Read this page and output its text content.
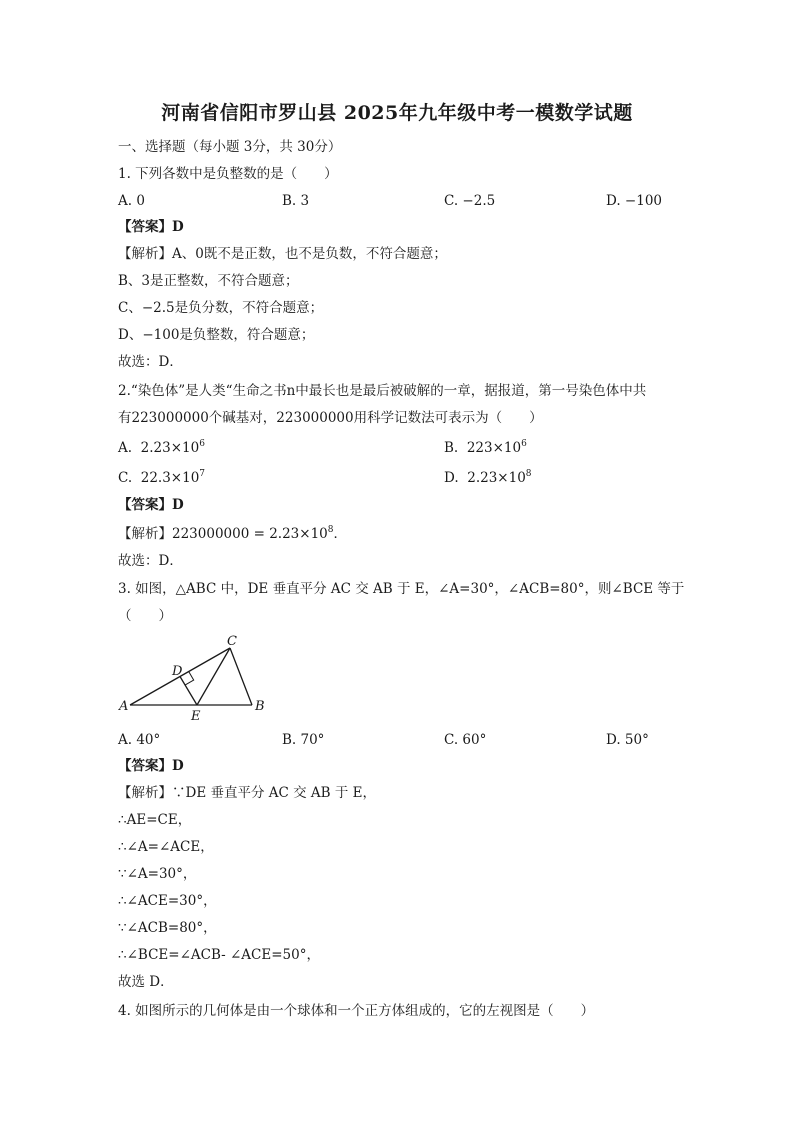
河南省信阳市罗山县 2025年九年级中考一模数学试题
一、选择题（每小题 3分，共 30分）
1. 下列各数中是负整数的是（　　）
A. 0	B. 3	C. −2.5	D. −100
【答案】D
【解析】A、0既不是正数，也不是负数，不符合题意；
B、3是正整数，不符合题意；
C、−2.5是负分数，不符合题意；
D、−100是负整数，符合题意；
故选：D．
2.“染色体”是人类“生命之书n中最长也是最后被破解的一章，据报道，第一号染色体中共
有223000000个碱基对，223000000用科学记数法可表示为（　　）
A. $2.23\times 10^6$	B. $223\times 10^6$
C. $22.3\times 10^7$	D. $2.23\times 10^8$
【答案】D
【解析】$223000000 = 2.23\times 10^8$．
故选：D．
3. 如图，△ABC 中，DE 垂直平分 AC 交 AB 于 E，∠A=30°，∠ACB=80°，则∠BCE 等于
（　　）
A	B
C
D
E
A. 40°	B. 70°	C. 60°	D. 50°
【答案】D
【解析】∵DE 垂直平分 AC 交 AB 于 E，
∴AE=CE，
∴∠A=∠ACE，
∵∠A=30°，
∴∠ACE=30°，
∵∠ACB=80°，
∴∠BCE=∠ACB- ∠ACE=50°，
故选 D．
4. 如图所示的几何体是由一个球体和一个正方体组成的，它的左视图是（　　）
